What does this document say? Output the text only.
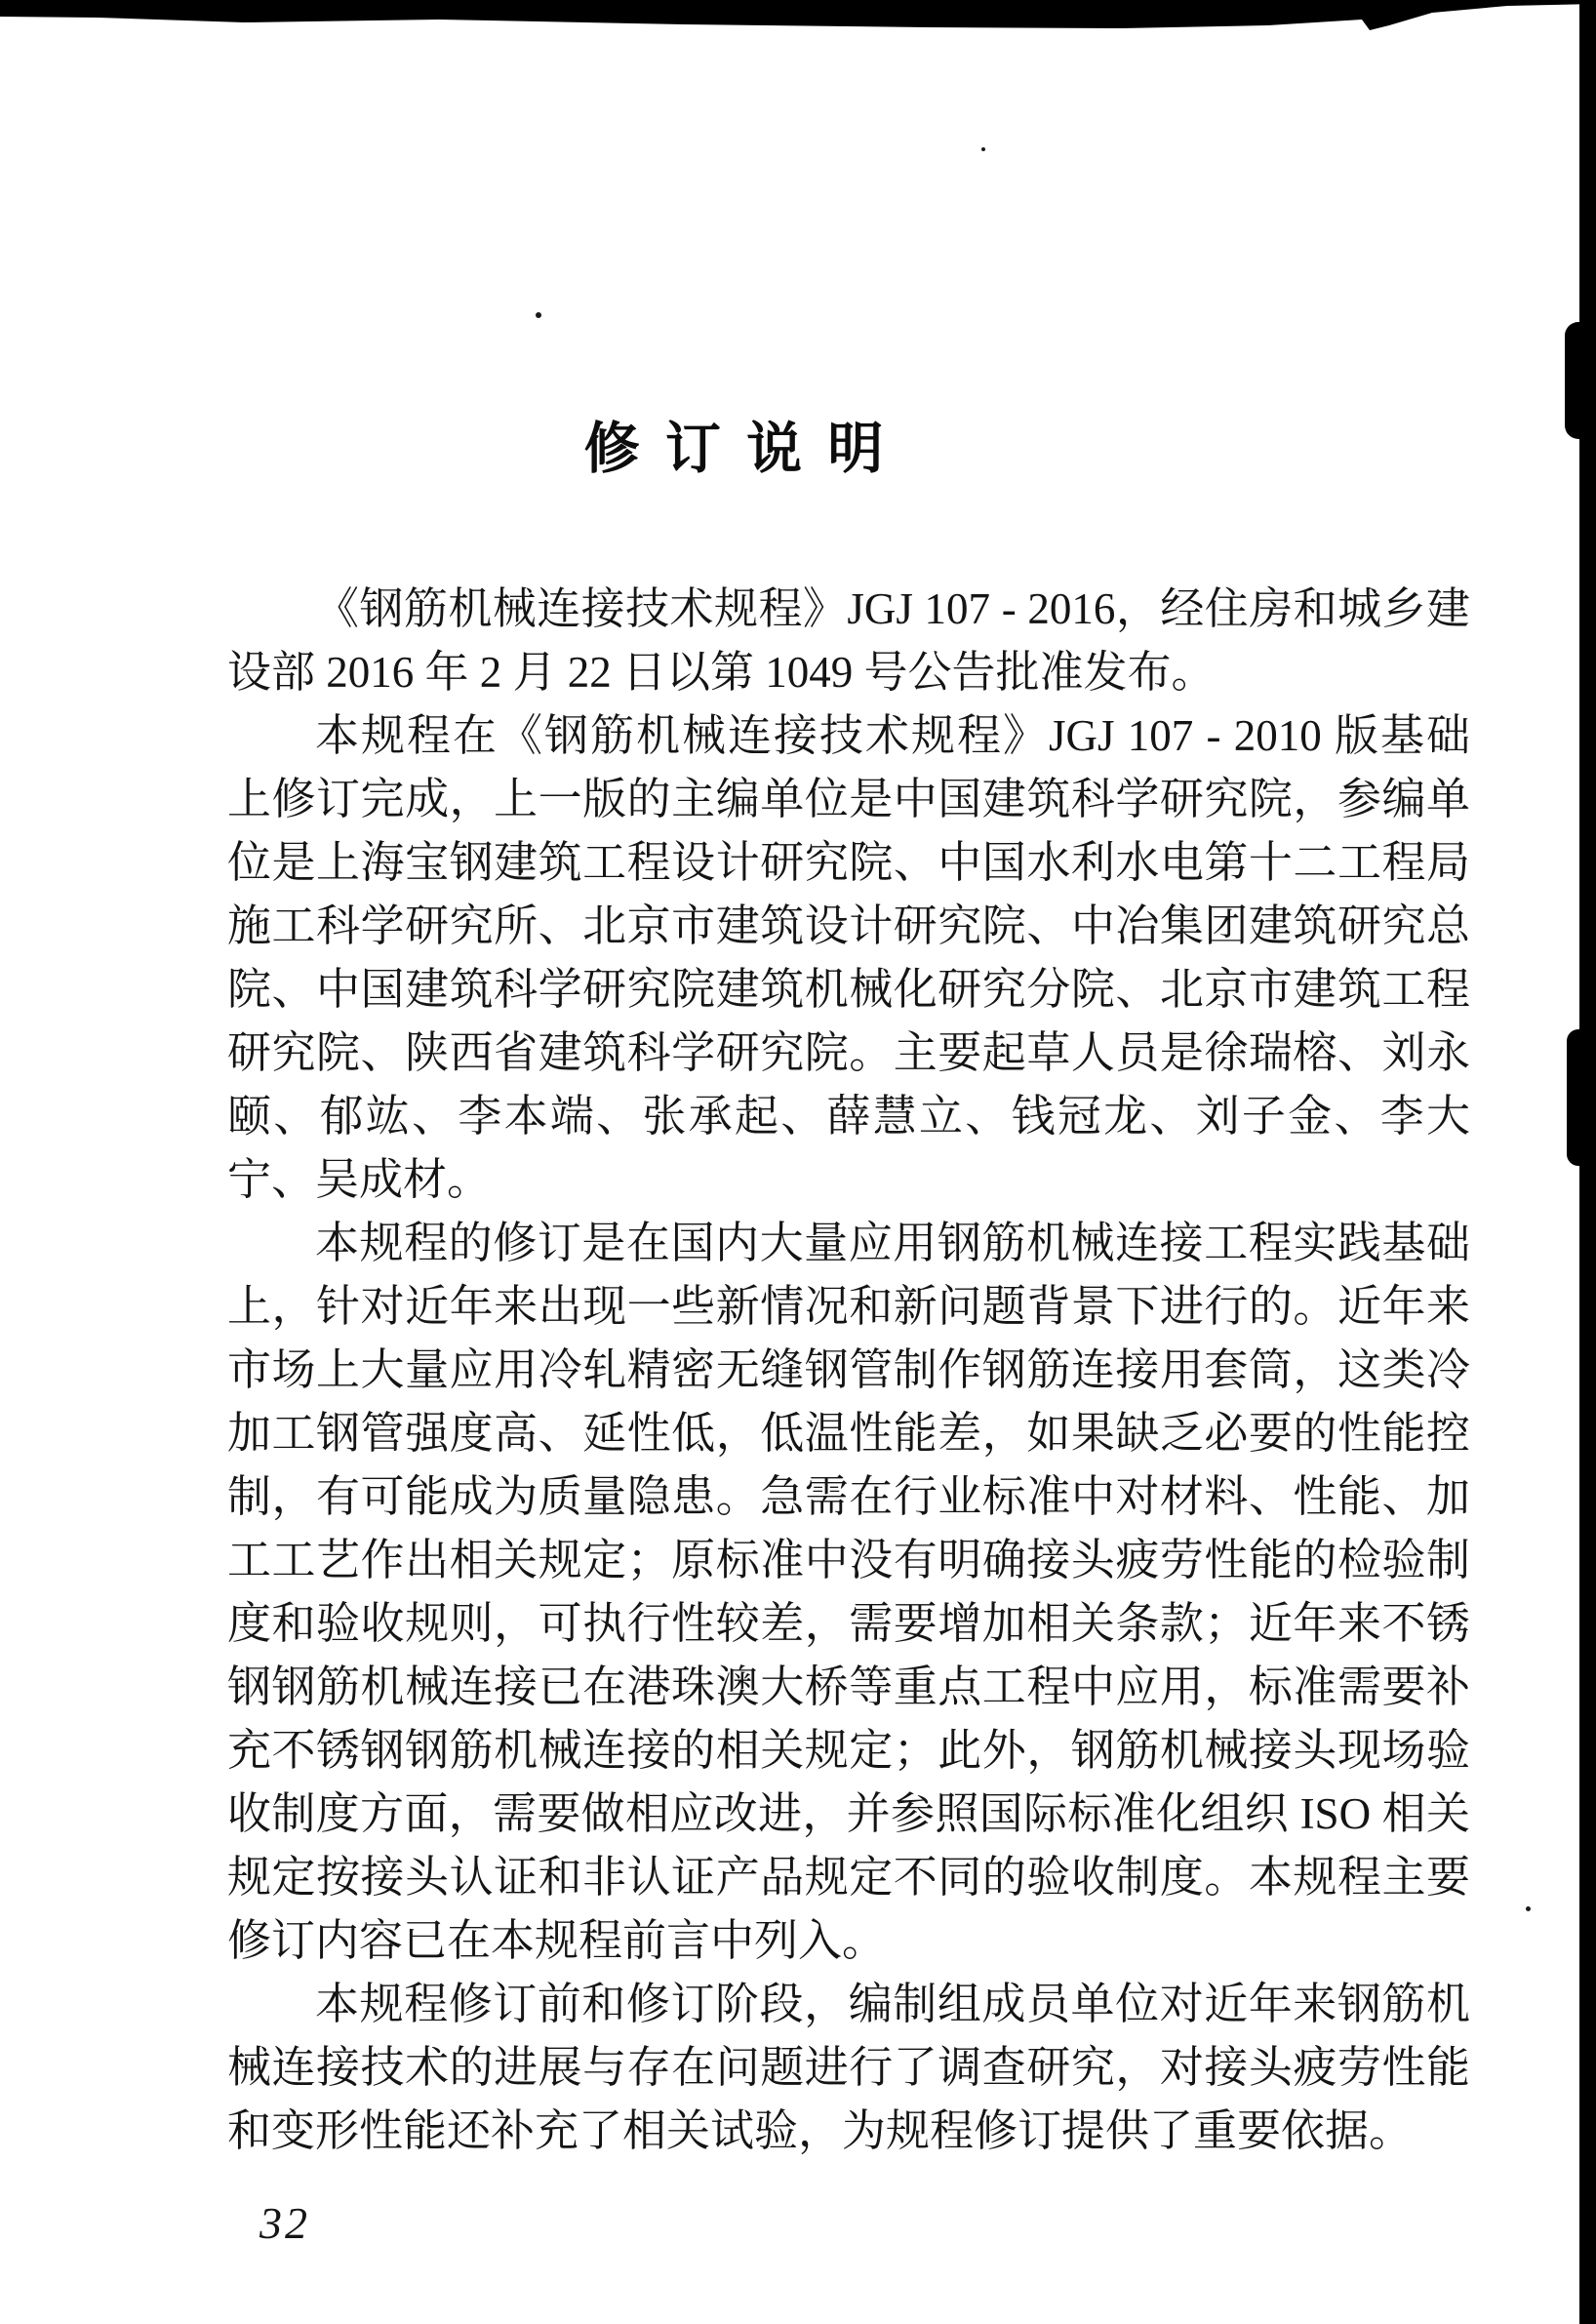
修 订 说 明

《钢筋机械连接技术规程》JGJ 107 - 2016，经住房和城乡建设部 2016 年 2 月 22 日以第 1049 号公告批准发布。

本规程在《钢筋机械连接技术规程》JGJ 107 - 2010 版基础上修订完成，上一版的主编单位是中国建筑科学研究院，参编单位是上海宝钢建筑工程设计研究院、中国水利水电第十二工程局施工科学研究所、北京市建筑设计研究院、中冶集团建筑研究总院、中国建筑科学研究院建筑机械化研究分院、北京市建筑工程研究院、陕西省建筑科学研究院。主要起草人员是徐瑞榕、刘永颐、郁竑、李本端、张承起、薛慧立、钱冠龙、刘子金、李大宁、吴成材。

本规程的修订是在国内大量应用钢筋机械连接工程实践基础上，针对近年来出现一些新情况和新问题背景下进行的。近年来市场上大量应用冷轧精密无缝钢管制作钢筋连接用套筒，这类冷加工钢管强度高、延性低，低温性能差，如果缺乏必要的性能控制，有可能成为质量隐患。急需在行业标准中对材料、性能、加工工艺作出相关规定；原标准中没有明确接头疲劳性能的检验制度和验收规则，可执行性较差，需要增加相关条款；近年来不锈钢钢筋机械连接已在港珠澳大桥等重点工程中应用，标准需要补充不锈钢钢筋机械连接的相关规定；此外，钢筋机械接头现场验收制度方面，需要做相应改进，并参照国际标准化组织 ISO 相关规定按接头认证和非认证产品规定不同的验收制度。本规程主要修订内容已在本规程前言中列入。

本规程修订前和修订阶段，编制组成员单位对近年来钢筋机械连接技术的进展与存在问题进行了调查研究，对接头疲劳性能和变形性能还补充了相关试验，为规程修订提供了重要依据。

32
